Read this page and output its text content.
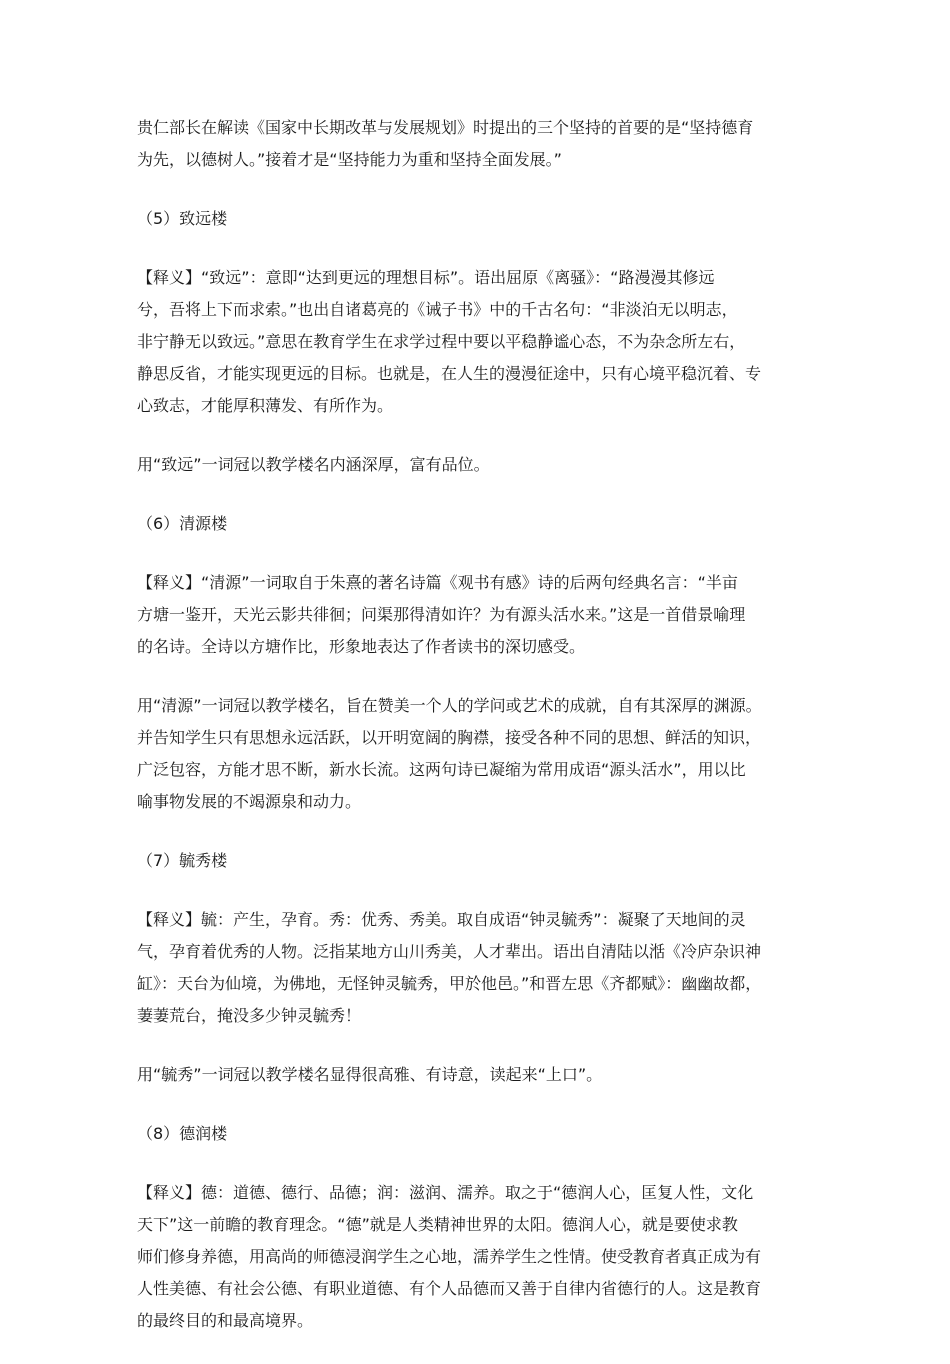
贵仁部长在解读《国家中长期改革与发展规划》时提出的三个坚持的首要的是“坚持德育
为先，以德树人。”接着才是“坚持能力为重和坚持全面发展。”
（5）致远楼
【释义】“致远”：意即“达到更远的理想目标”。语出屈原《离骚》：“路漫漫其修远
兮，吾将上下而求索。”也出自诸葛亮的《诫子书》中的千古名句：“非淡泊无以明志，
非宁静无以致远。”意思在教育学生在求学过程中要以平稳静谧心态，不为杂念所左右，
静思反省，才能实现更远的目标。也就是，在人生的漫漫征途中，只有心境平稳沉着、专
心致志，才能厚积薄发、有所作为。
用“致远”一词冠以教学楼名内涵深厚，富有品位。
（6）清源楼
【释义】“清源”一词取自于朱熹的著名诗篇《观书有感》诗的后两句经典名言：“半亩
方塘一鉴开，天光云影共徘徊；问渠那得清如许？为有源头活水来。”这是一首借景喻理
的名诗。全诗以方塘作比，形象地表达了作者读书的深切感受。
用“清源”一词冠以教学楼名，旨在赞美一个人的学问或艺术的成就，自有其深厚的渊源。
并告知学生只有思想永远活跃，以开明宽阔的胸襟，接受各种不同的思想、鲜活的知识，
广泛包容，方能才思不断，新水长流。这两句诗已凝缩为常用成语“源头活水”，用以比
喻事物发展的不竭源泉和动力。
（7）毓秀楼
【释义】毓：产生，孕育。秀：优秀、秀美。取自成语“钟灵毓秀”：凝聚了天地间的灵
气，孕育着优秀的人物。泛指某地方山川秀美，人才辈出。语出自清陆以湉《冷庐杂识神
缸》：天台为仙境，为佛地，无怪钟灵毓秀，甲於他邑。”和晋左思《齐都赋》：幽幽故都，
萋萋荒台，掩没多少钟灵毓秀！
用“毓秀”一词冠以教学楼名显得很高雅、有诗意，读起来“上口”。
（8）德润楼
【释义】德：道德、德行、品德；润：滋润、濡养。取之于“德润人心，匡复人性，文化
天下”这一前瞻的教育理念。“德”就是人类精神世界的太阳。德润人心，就是要使求教
师们修身养德，用高尚的师德浸润学生之心地，濡养学生之性情。使受教育者真正成为有
人性美德、有社会公德、有职业道德、有个人品德而又善于自律内省德行的人。这是教育
的最终目的和最高境界。
